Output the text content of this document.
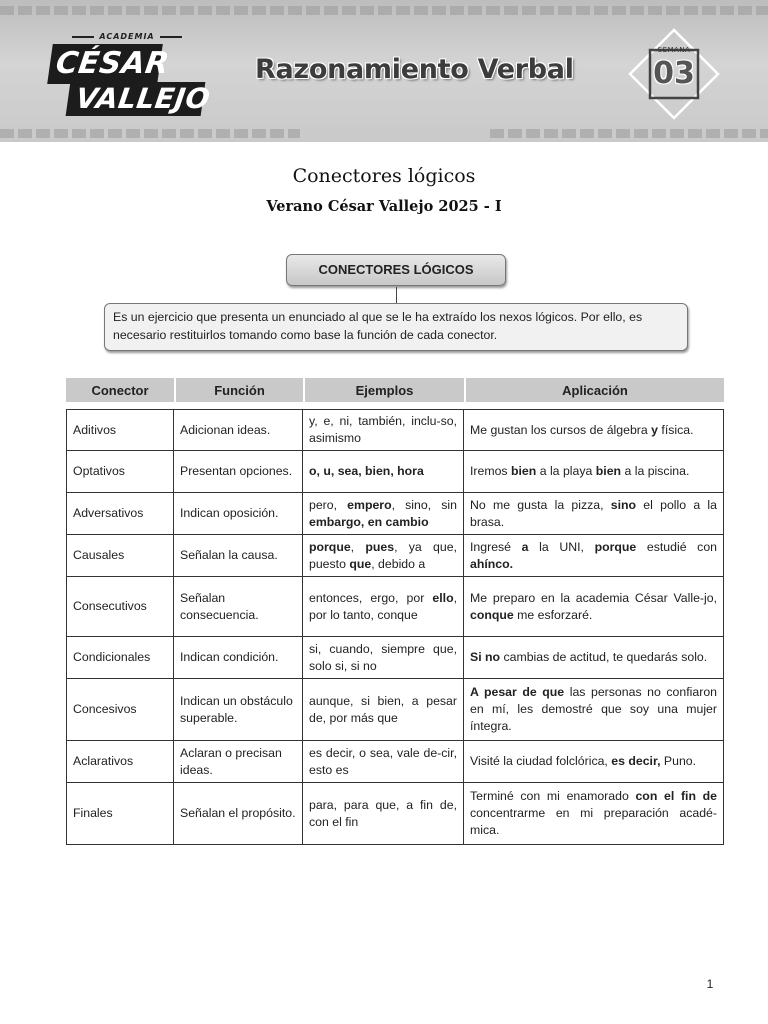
ACADEMIA
CÉSAR
VALLEJO
Razonamiento Verbal
SEMANA
03
Conectores lógicos
Verano César Vallejo 2025 - I
CONECTORES LÓGICOS
Es un ejercicio que presenta un enunciado al que se le ha extraído los nexos lógicos. Por ello, es necesario restituirlos tomando como base la función de cada conector.
Conector	Función	Ejemplos	Aplicación

Aditivos	Adicionan ideas.	y, e, ni, también, inclu-so, asimismo	Me gustan los cursos de álgebra y física.
Optativos	Presentan opciones.	o, u, sea, bien, hora	Iremos bien a la playa bien a la piscina.
Adversativos	Indican oposición.	pero, empero, sino, sin embargo, en cambio	No me gusta la pizza, sino el pollo a la brasa.
Causales	Señalan la causa.	porque, pues, ya que, puesto que, debido a	Ingresé a la UNI, porque estudié con ahínco.
Consecutivos	Señalan consecuencia.	entonces, ergo, por ello, por lo tanto, conque	Me preparo en la academia César Valle-jo, conque me esforzaré.
Condicionales	Indican condición.	si, cuando, siempre que, solo si, si no	Si no cambias de actitud, te quedarás solo.
Concesivos	Indican un obstáculo superable.	aunque, si bien, a pesar de, por más que	A pesar de que las personas no confiaron en mí, les demostré que soy una mujer íntegra.
Aclarativos	Aclaran o precisan ideas.	es decir, o sea, vale de-cir, esto es	Visité la ciudad folclórica, es decir, Puno.
Finales	Señalan el propósito.	para, para que, a fin de, con el fin	Terminé con mi enamorado con el fin de concentrarme en mi preparación acadé-mica.
1
